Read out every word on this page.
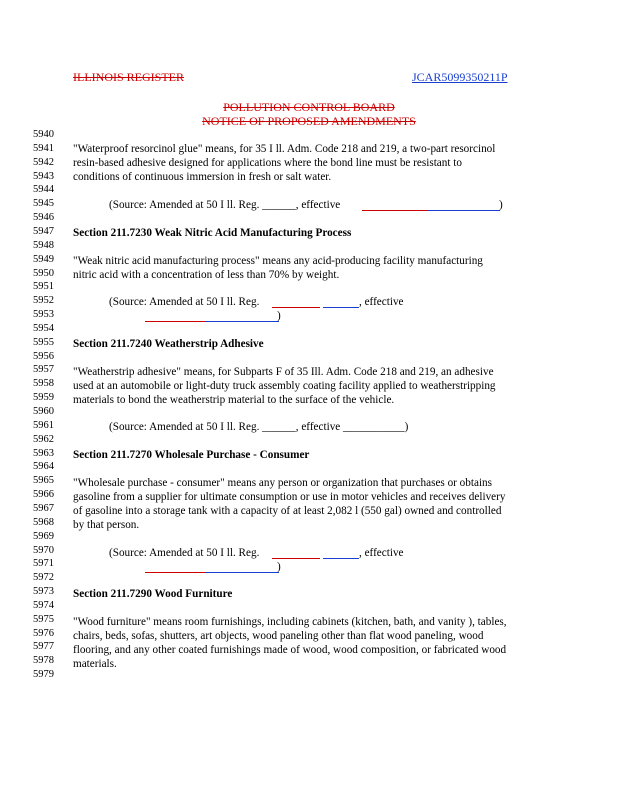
ILLINOIS REGISTER	JCAR5099350211P
POLLUTION CONTROL BOARD
NOTICE OF PROPOSED AMENDMENTS
5940
5941
5942
5943
5944
5945
5946
5947
5948
5949
5950
5951
5952
5953
5954
5955
5956
5957
5958
5959
5960
5961
5962
5963
5964
5965
5966
5967
5968
5969
5970
5971
5972
5973
5974
5975
5976
5977
5978
5979
"Waterproof resorcinol glue" means, for 35 I ll. Adm. Code 218 and 219, a two-part resorcinol
resin-based adhesive designed for applications where the bond line must be resistant to
conditions of continuous immersion in fresh or salt water.
(Source: Amended at 50 I ll. Reg. ______, effective	)
Section 211.7230 Weak Nitric Acid Manufacturing Process
"Weak nitric acid manufacturing process" means any acid-producing facility manufacturing
nitric acid with a concentration of less than 70% by weight.
(Source: Amended at 50 I ll. Reg.	, effective
)
Section 211.7240 Weatherstrip Adhesive
"Weatherstrip adhesive" means, for Subparts F of 35 Ill. Adm. Code 218 and 219, an adhesive
used at an automobile or light-duty truck assembly coating facility applied to weatherstripping
materials to bond the weatherstrip material to the surface of the vehicle.
(Source: Amended at 50 I ll. Reg. ______, effective ___________)
Section 211.7270 Wholesale Purchase - Consumer
"Wholesale purchase - consumer" means any person or organization that purchases or obtains
gasoline from a supplier for ultimate consumption or use in motor vehicles and receives delivery
of gasoline into a storage tank with a capacity of at least 2,082 l (550 gal) owned and controlled
by that person.
(Source: Amended at 50 I ll. Reg.	, effective
)
Section 211.7290 Wood Furniture
"Wood furniture" means room furnishings, including cabinets (kitchen, bath, and vanity ), tables,
chairs, beds, sofas, shutters, art objects, wood paneling other than flat wood paneling, wood
flooring, and any other coated furnishings made of wood, wood composition, or fabricated wood
materials.
